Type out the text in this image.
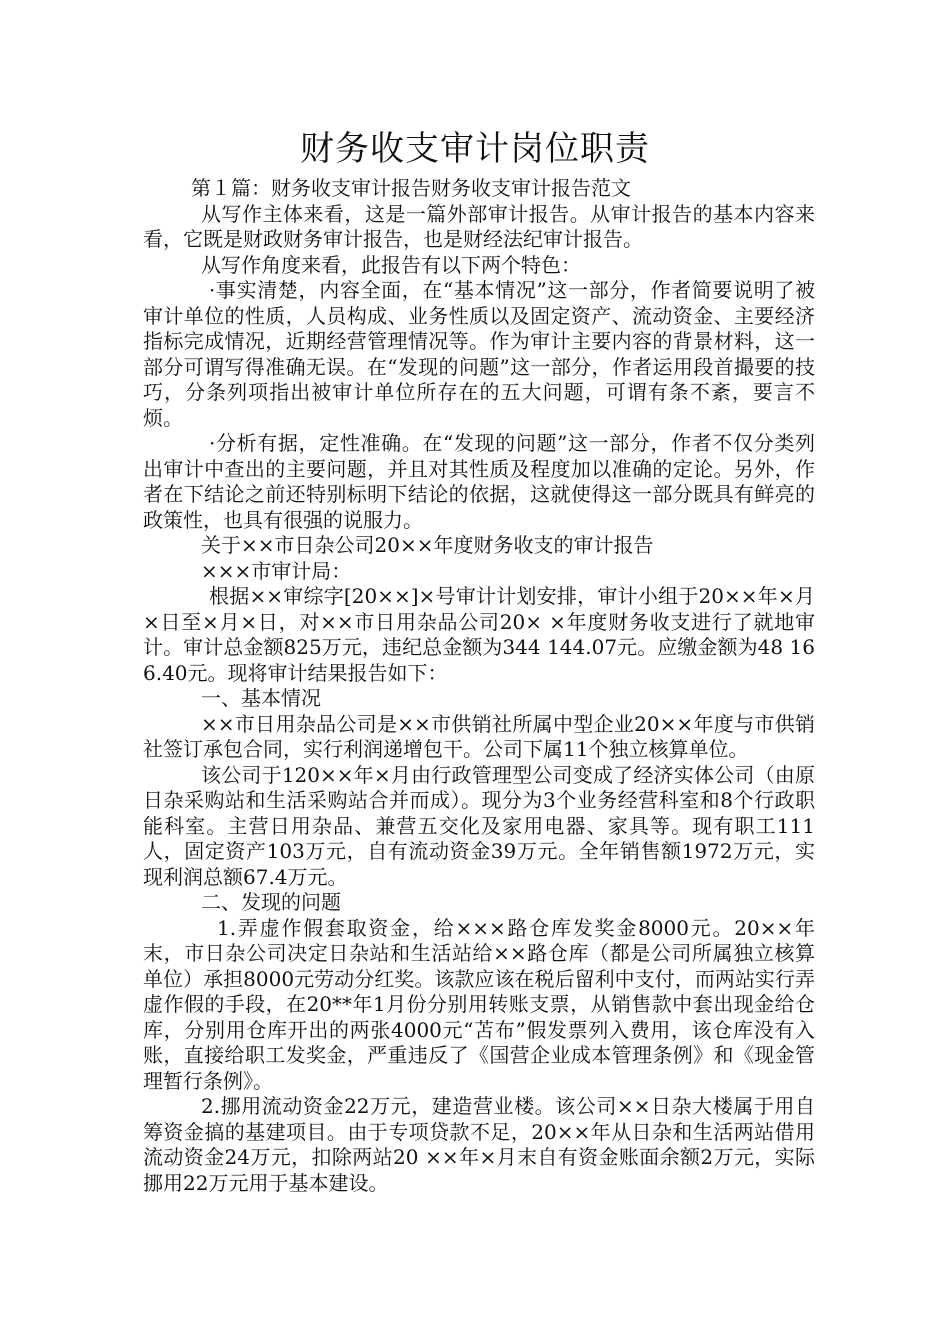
财务收支审计岗位职责

第１篇：财务收支审计报告财务收支审计报告范文

从写作主体来看，这是一篇外部审计报告。从审计报告的基本内容来看，它既是财政财务审计报告，也是财经法纪审计报告。

从写作角度来看，此报告有以下两个特色：

·事实清楚，内容全面，在“基本情况”这一部分，作者简要说明了被审计单位的性质，人员构成、业务性质以及固定资产、流动资金、主要经济指标完成情况，近期经营管理情况等。作为审计主要内容的背景材料，这一部分可谓写得准确无误。在“发现的问题”这一部分，作者运用段首撮要的技巧，分条列项指出被审计单位所存在的五大问题，可谓有条不紊，要言不烦。

·分析有据，定性准确。在“发现的问题”这一部分，作者不仅分类列出审计中查出的主要问题，并且对其性质及程度加以准确的定论。另外，作者在下结论之前还特别标明下结论的依据，这就使得这一部分既具有鲜亮的政策性，也具有很强的说服力。

关于××市日杂公司20××年度财务收支的审计报告

×××市审计局：

根据××审综字[20××]×号审计计划安排，审计小组于20××年×月×日至×月×日，对××市日用杂品公司20× ×年度财务收支进行了就地审计。审计总金额825万元，违纪总金额为344 144.07元。应缴金额为48 166.40元。现将审计结果报告如下：

一、基本情况

××市日用杂品公司是××市供销社所属中型企业20××年度与市供销社签订承包合同，实行利润递增包干。公司下属11个独立核算单位。

该公司于120××年×月由行政管理型公司变成了经济实体公司（由原日杂采购站和生活采购站合并而成）。现分为3个业务经营科室和8个行政职能科室。主营日用杂品、兼营五交化及家用电器、家具等。现有职工111人，固定资产103万元，自有流动资金39万元。全年销售额1972万元，实现利润总额67.4万元。

二、发现的问题

1.弄虚作假套取资金，给×××路仓库发奖金8000元。20××年末，市日杂公司决定日杂站和生活站给××路仓库（都是公司所属独立核算单位）承担8000元劳动分红奖。该款应该在税后留利中支付，而两站实行弄虚作假的手段，在20**年1月份分别用转账支票，从销售款中套出现金给仓库，分别用仓库开出的两张4000元“苫布”假发票列入费用，该仓库没有入账，直接给职工发奖金，严重违反了《国营企业成本管理条例》和《现金管理暂行条例》。

2.挪用流动资金22万元，建造营业楼。该公司××日杂大楼属于用自筹资金搞的基建项目。由于专项贷款不足，20××年从日杂和生活两站借用流动资金24万元，扣除两站20 ××年×月末自有资金账面余额2万元，实际挪用22万元用于基本建设。
